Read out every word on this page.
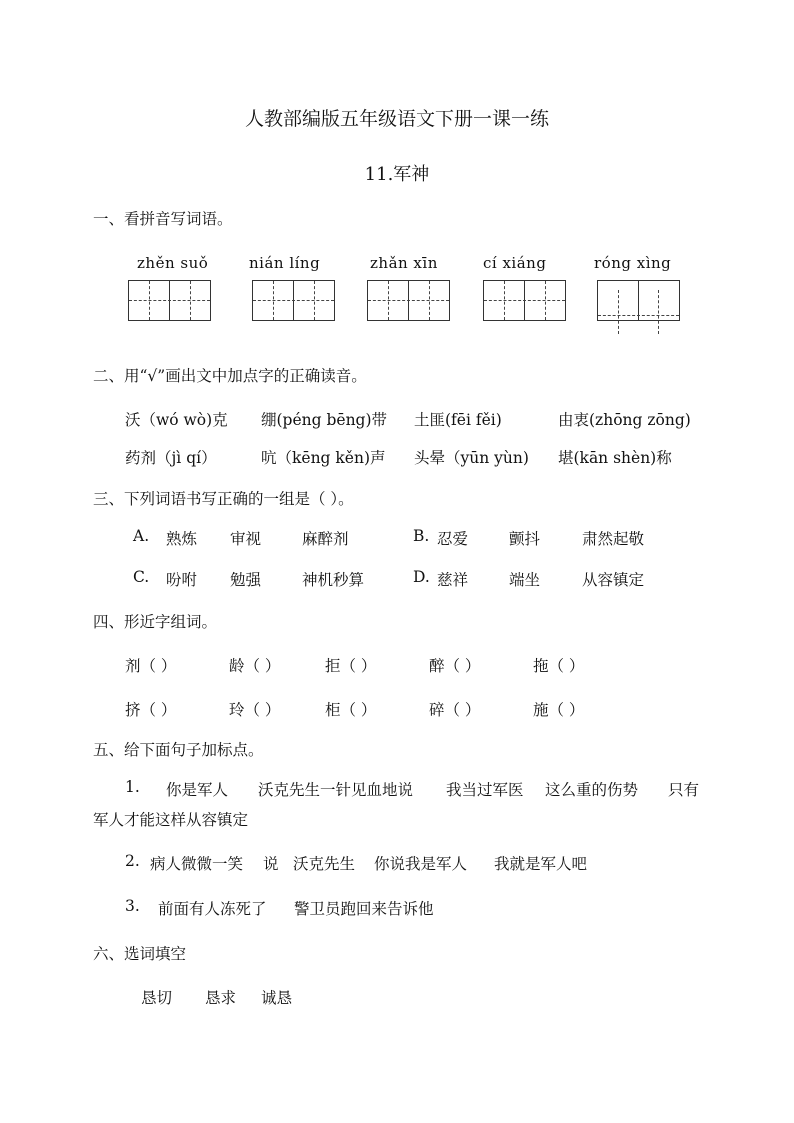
人教部编版五年级语文下册一课一练
11.军神
一、看拼音写词语。
zhěn suǒ	nián líng	zhǎn xīn	cí xiáng	róng xìng
二、用“√”画出文中加点字的正确读音。
沃（wó wò)克 绷(péng bēng)带 土匪(fēi fěi)	由衷(zhōng zōng)
药剂（jì qí）	吭（kēng kěn)声 头晕（yūn yùn) 堪(kān shèn)称
三、下列词语书写正确的一组是（ ）。
A. 熟炼 审视	麻醉剂	B. 忍爱	颤抖	肃然起敬
C. 吩咐 勉强	神机秒算	D. 慈祥	端坐	从容镇定
四、形近字组词。
剂（ ）	龄（ ）	拒（ ）	醉（ ）	拖（ ）
挤（ ）	玲（ ）	柜（ ）	碎（ ）	施（ ）
五、给下面句子加标点。
1. 你是军人 沃克先生一针见血地说 我当过军医 这么重的伤势 只有
军人才能这样从容镇定
2. 病人微微一笑 说 沃克先生 你说我是军人 我就是军人吧
3. 前面有人冻死了 警卫员跑回来告诉他
六、选词填空
恳切 恳求 诚恳
